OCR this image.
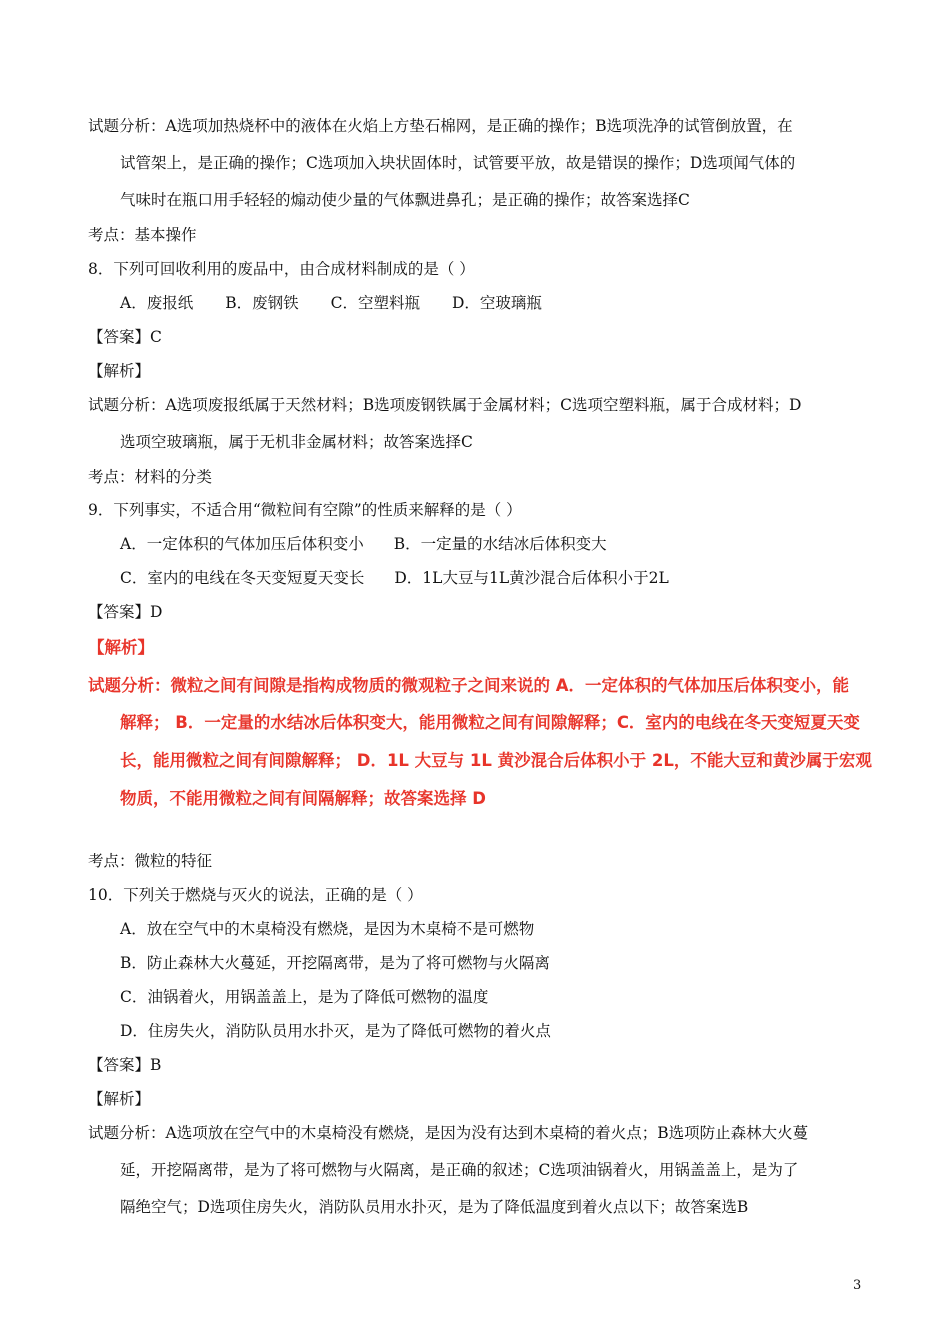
试题分析：A选项加热烧杯中的液体在火焰上方垫石棉网，是正确的操作；B选项洗净的试管倒放置，在
试管架上，是正确的操作；C选项加入块状固体时，试管要平放，故是错误的操作；D选项闻气体的
气味时在瓶口用手轻轻的煽动使少量的气体飘进鼻孔；是正确的操作；故答案选择C
考点：基本操作
8．下列可回收利用的废品中，由合成材料制成的是（ ）
A．废报纸 B．废钢铁 C．空塑料瓶 D．空玻璃瓶
【答案】C
【解析】
试题分析：A选项废报纸属于天然材料；B选项废钢铁属于金属材料；C选项空塑料瓶，属于合成材料；D
选项空玻璃瓶，属于无机非金属材料；故答案选择C
考点：材料的分类
9．下列事实，不适合用“微粒间有空隙”的性质来解释的是（ ）
A．一定体积的气体加压后体积变小 B．一定量的水结冰后体积变大
C．室内的电线在冬天变短夏天变长 D．1L大豆与1L黄沙混合后体积小于2L
【答案】D
【解析】
试题分析：微粒之间有间隙是指构成物质的微观粒子之间来说的 A．一定体积的气体加压后体积变小，能
解释； B．一定量的水结冰后体积变大，能用微粒之间有间隙解释；C．室内的电线在冬天变短夏天变
长，能用微粒之间有间隙解释； D．1L 大豆与 1L 黄沙混合后体积小于 2L，不能大豆和黄沙属于宏观
物质，不能用微粒之间有间隔解释；故答案选择 D
考点：微粒的特征
10．下列关于燃烧与灭火的说法，正确的是（ ）
A．放在空气中的木桌椅没有燃烧，是因为木桌椅不是可燃物
B．防止森林大火蔓延，开挖隔离带，是为了将可燃物与火隔离
C．油锅着火，用锅盖盖上，是为了降低可燃物的温度
D．住房失火，消防队员用水扑灭，是为了降低可燃物的着火点
【答案】B
【解析】
试题分析：A选项放在空气中的木桌椅没有燃烧，是因为没有达到木桌椅的着火点；B选项防止森林大火蔓
延，开挖隔离带，是为了将可燃物与火隔离，是正确的叙述；C选项油锅着火，用锅盖盖上，是为了
隔绝空气；D选项住房失火，消防队员用水扑灭，是为了降低温度到着火点以下；故答案选B
3
